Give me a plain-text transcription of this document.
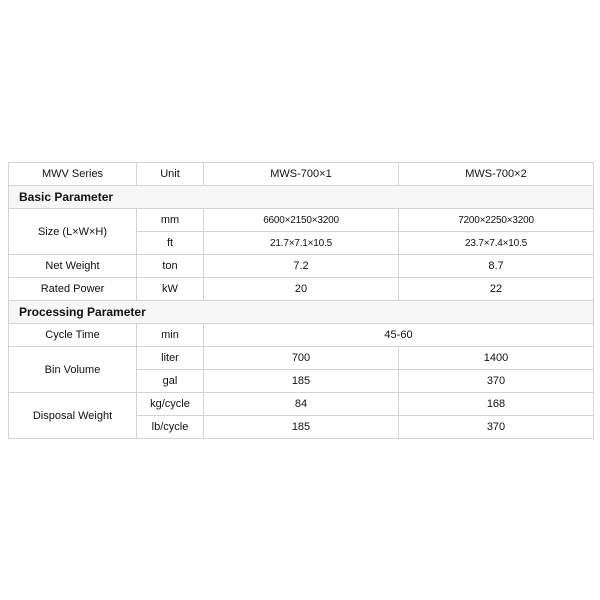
MWV Series	Unit	MWS-700×1	MWS-700×2
Basic Parameter			
Size (L×W×H)	mm	6600×2150×3200	7200×2250×3200
	ft	21.7×7.1×10.5	23.7×7.4×10.5
Net Weight	ton	7.2	8.7
Rated Power	kW	20	22
Processing Parameter			
Cycle Time	min	45-60	
Bin Volume	liter	700	1400
	gal	185	370
Disposal Weight	kg/cycle	84	168
	lb/cycle	185	370
